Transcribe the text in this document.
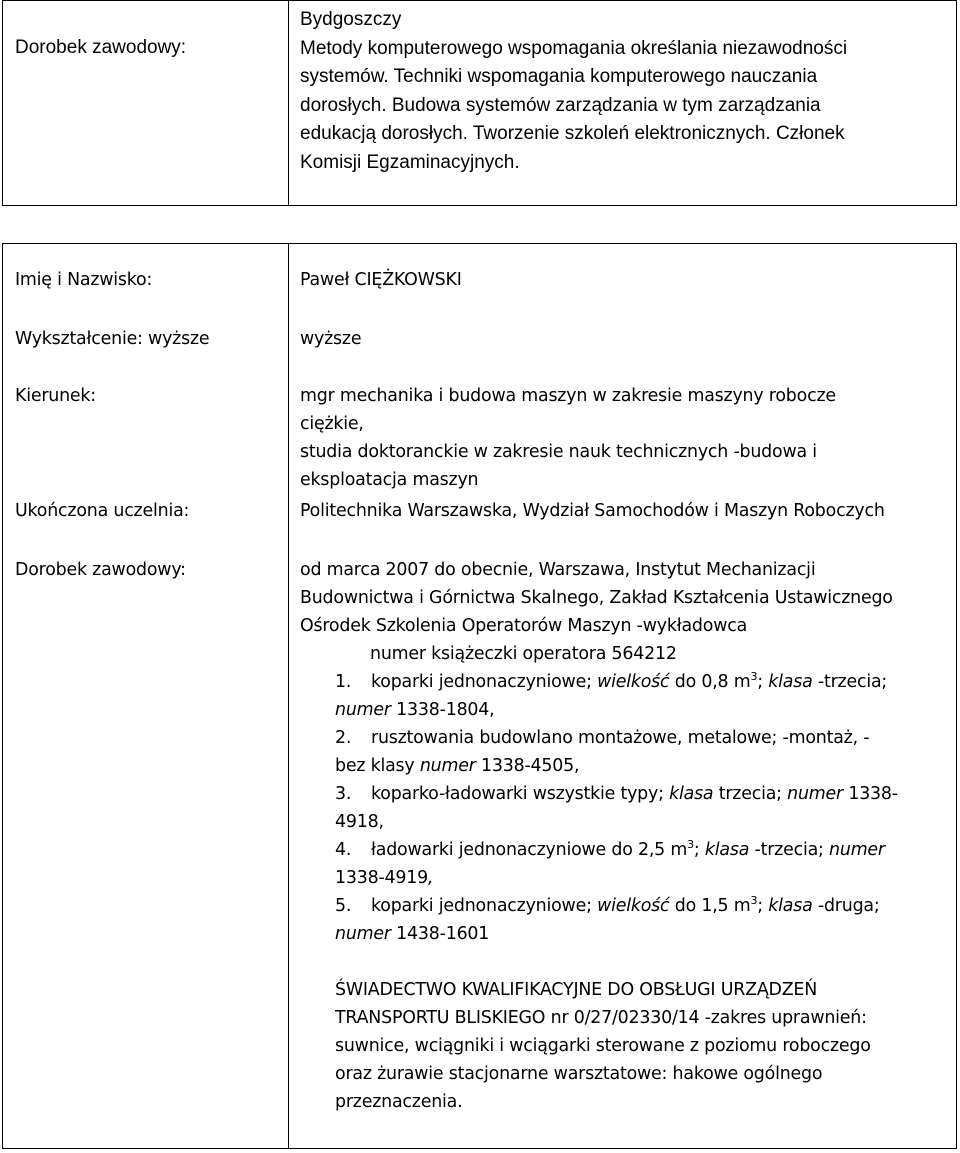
Dorobek zawodowy:

Bydgoszczy

Metody komputerowego wspomagania określania niezawodności

systemów. Techniki wspomagania komputerowego nauczania

dorosłych. Budowa systemów zarządzania w tym zarządzania

edukacją dorosłych. Tworzenie szkoleń elektronicznych. Członek

Komisji Egzaminacyjnych.

Imię i Nazwisko:	Paweł CIĘŻKOWSKI
Wykształcenie: wyższe	wyższe
Kierunek:	mgr mechanika i budowa maszyn w zakresie maszyny robocze

ciężkie,

studia doktoranckie w zakresie nauk technicznych -budowa i

eksploatacja maszyn

Ukończona uczelnia:	Politechnika Warszawska, Wydział Samochodów i Maszyn Roboczych
Dorobek zawodowy:	od marca 2007 do obecnie, Warszawa, Instytut Mechanizacji

Budownictwa i Górnictwa Skalnego, Zakład Kształcenia Ustawicznego

Ośrodek Szkolenia Operatorów Maszyn -wykładowca

numer książeczki operatora 564212

1. koparki jednonaczyniowe; wielkość do 0,8 $m^3$; klasa -trzecia;
numer 1338-1804,
2. rusztowania budowlano montażowe, metalowe; -montaż, -
bez klasy numer 1338-4505,
3. koparko-ładowarki wszystkie typy; klasa trzecia; numer 1338-
4918,
4. ładowarki jednonaczyniowe do 2,5 $m^3$; klasa -trzecia; numer
1338-4919,
5. koparki jednonaczyniowe; wielkość do 1,5 $m^3$; klasa -druga;
numer 1438-1601

ŚWIADECTWO KWALIFIKACYJNE DO OBSŁUGI URZĄDZEŃ

TRANSPORTU BLISKIEGO nr 0/27/02330/14 -zakres uprawnień:

suwnice, wciągniki i wciągarki sterowane z poziomu roboczego

oraz żurawie stacjonarne warsztatowe: hakowe ogólnego

przeznaczenia.
